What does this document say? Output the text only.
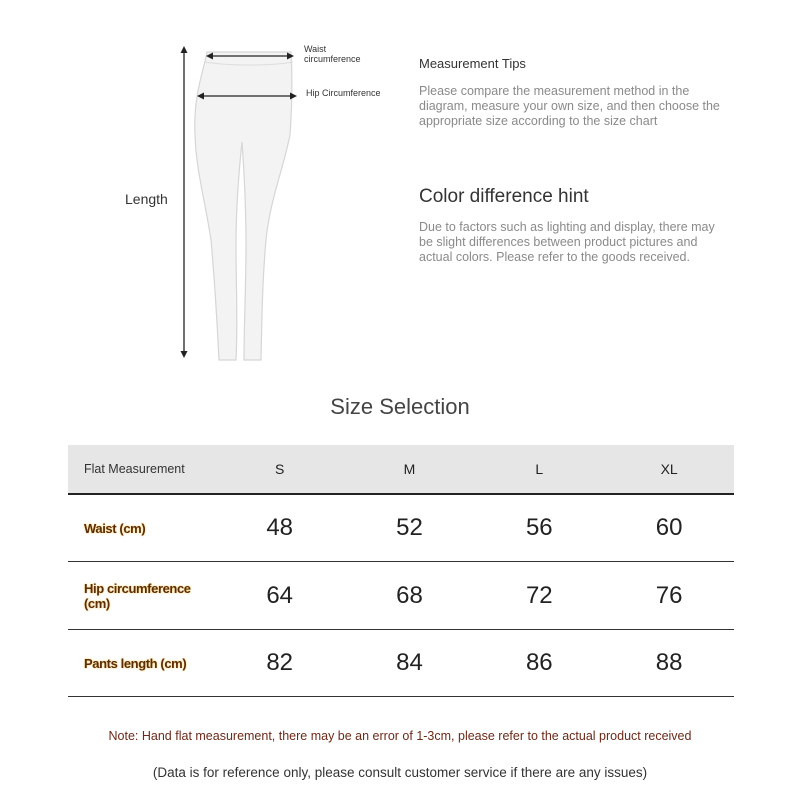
Waist circumference
Hip Circumference
Length

Measurement Tips

Please compare the measurement method in the diagram, measure your own size, and then choose the appropriate size according to the size chart

Color difference hint

Due to factors such as lighting and display, there may be slight differences between product pictures and actual colors. Please refer to the goods received.

Size Selection
Flat Measurement	S	M	L	XL
Waist (cm)	48	52	56	60
Hip circumference (cm)	64	68	72	76
Pants length (cm)	82	84	86	88
Note: Hand flat measurement, there may be an error of 1-3cm, please refer to the actual product received
(Data is for reference only, please consult customer service if there are any issues)
